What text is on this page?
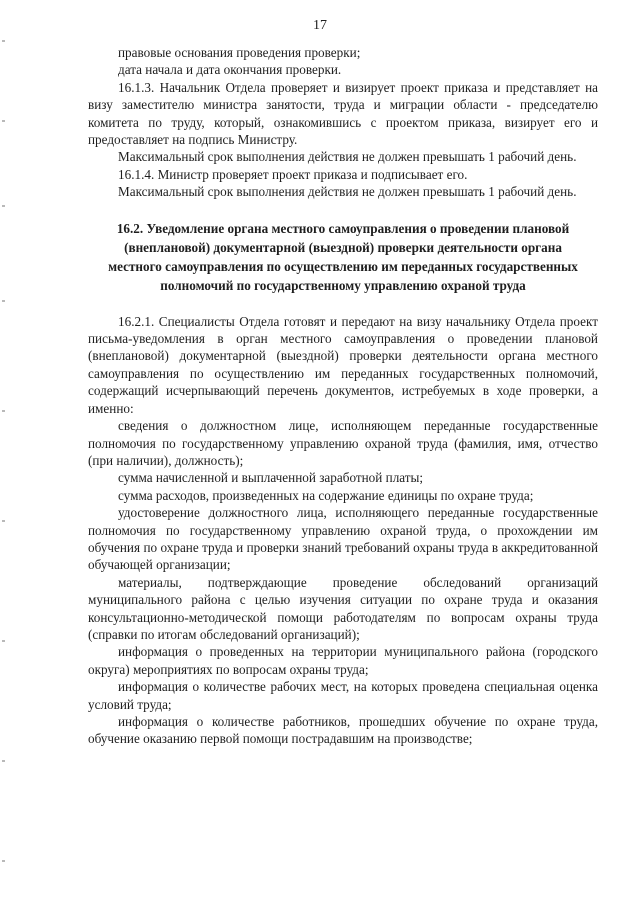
17

правовые основания проведения проверки;

дата начала и дата окончания проверки.

16.1.3. Начальник Отдела проверяет и визирует проект приказа и представляет на визу заместителю министра занятости, труда и миграции области - председателю комитета по труду, который, ознакомившись с проектом приказа, визирует его и предоставляет на подпись Министру.

Максимальный срок выполнения действия не должен превышать 1 рабочий день.

16.1.4. Министр проверяет проект приказа и подписывает его.

Максимальный срок выполнения действия не должен превышать 1 рабочий день.

16.2. Уведомление органа местного самоуправления о проведении плановой (внеплановой) документарной (выездной) проверки деятельности органа местного самоуправления по осуществлению им переданных государственных полномочий по государственному управлению охраной труда

16.2.1. Специалисты Отдела готовят и передают на визу начальнику Отдела проект письма-уведомления в орган местного самоуправления о проведении плановой (внеплановой) документарной (выездной) проверки деятельности органа местного самоуправления по осуществлению им переданных государственных полномочий, содержащий исчерпывающий перечень документов, истребуемых в ходе проверки, а именно:

сведения о должностном лице, исполняющем переданные государственные полномочия по государственному управлению охраной труда (фамилия, имя, отчество (при наличии), должность);

сумма начисленной и выплаченной заработной платы;

сумма расходов, произведенных на содержание единицы по охране труда;

удостоверение должностного лица, исполняющего переданные государственные полномочия по государственному управлению охраной труда, о прохождении им обучения по охране труда и проверки знаний требований охраны труда в аккредитованной обучающей организации;

материалы, подтверждающие проведение обследований организаций муниципального района с целью изучения ситуации по охране труда и оказания консультационно-методической помощи работодателям по вопросам охраны труда (справки по итогам обследований организаций);

информация о проведенных на территории муниципального района (городского округа) мероприятиях по вопросам охраны труда;

информация о количестве рабочих мест, на которых проведена специальная оценка условий труда;

информация о количестве работников, прошедших обучение по охране труда, обучение оказанию первой помощи пострадавшим на производстве;
